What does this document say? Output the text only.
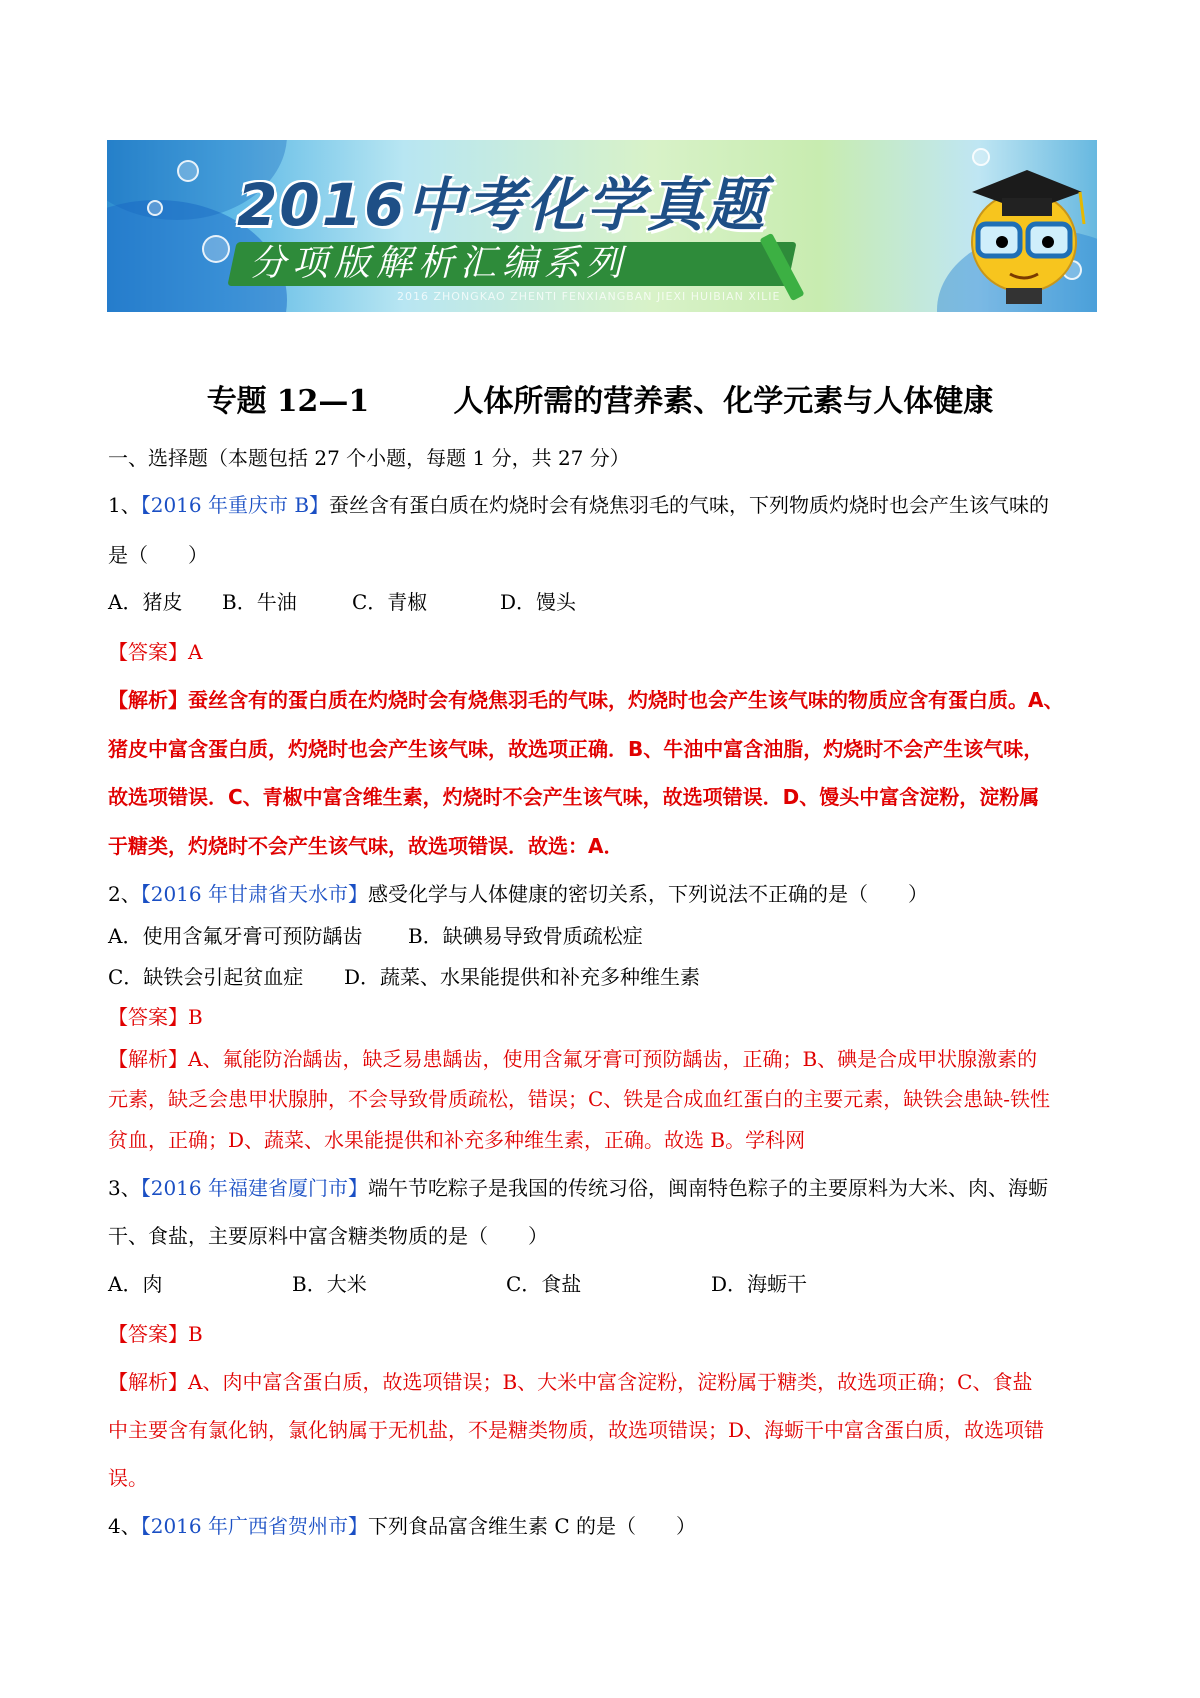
2016中考化学真题
分项版解析汇编系列
2016 ZHONGKAO ZHENTI FENXIANGBAN JIEXI HUIBIAN XILIE
专题 12—1	人体所需的营养素、化学元素与人体健康
一、选择题（本题包括 27 个小题，每题 1 分，共 27 分）
1、【2016 年重庆市 B】蚕丝含有蛋白质在灼烧时会有烧焦羽毛的气味，下列物质灼烧时也会产生该气味的
是（　　）
A．猪皮 B．牛油	C．青椒	D．馒头
【答案】A
【解析】蚕丝含有的蛋白质在灼烧时会有烧焦羽毛的气味，灼烧时也会产生该气味的物质应含有蛋白质。A、
猪皮中富含蛋白质，灼烧时也会产生该气味，故选项正确．B、牛油中富含油脂，灼烧时不会产生该气味，
故选项错误．C、青椒中富含维生素，灼烧时不会产生该气味，故选项错误．D、馒头中富含淀粉，淀粉属
于糖类，灼烧时不会产生该气味，故选项错误．故选：A．
2、【2016 年甘肃省天水市】感受化学与人体健康的密切关系，下列说法不正确的是（　　）
A．使用含氟牙膏可预防龋齿 B．缺碘易导致骨质疏松症
C．缺铁会引起贫血症 D．蔬菜、水果能提供和补充多种维生素
【答案】B
【解析】A、氟能防治龋齿，缺乏易患龋齿，使用含氟牙膏可预防龋齿，正确；B、碘是合成甲状腺激素的
元素，缺乏会患甲状腺肿，不会导致骨质疏松，错误；C、铁是合成血红蛋白的主要元素，缺铁会患缺-铁性
贫血，正确；D、蔬菜、水果能提供和补充多种维生素，正确。故选 B。学科网
3、【2016 年福建省厦门市】端午节吃粽子是我国的传统习俗，闽南特色粽子的主要原料为大米、肉、海蛎
干、食盐，主要原料中富含糖类物质的是（　　）
A．肉	B．大米	C．食盐	D．海蛎干
【答案】B
【解析】A、肉中富含蛋白质，故选项错误；B、大米中富含淀粉，淀粉属于糖类，故选项正确；C、食盐
中主要含有氯化钠，氯化钠属于无机盐，不是糖类物质，故选项错误；D、海蛎干中富含蛋白质，故选项错
误。
4、【2016 年广西省贺州市】下列食品富含维生素 C 的是（　　）
